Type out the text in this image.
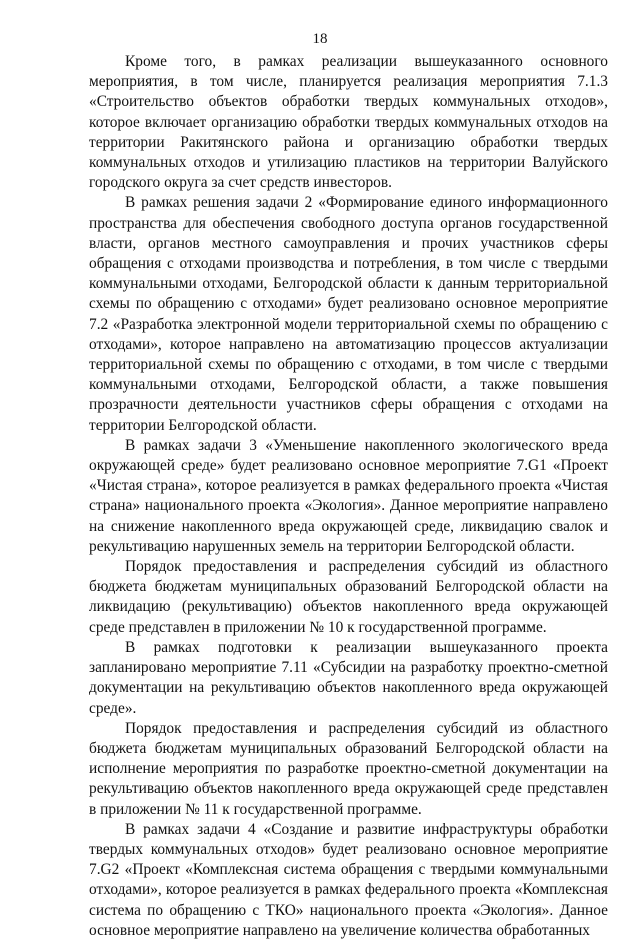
18

Кроме того, в рамках реализации вышеуказанного основного мероприятия, в том числе, планируется реализация мероприятия 7.1.3 «Строительство объектов обработки твердых коммунальных отходов», которое включает организацию обработки твердых коммунальных отходов на территории Ракитянского района и организацию обработки твердых коммунальных отходов и утилизацию пластиков на территории Валуйского городского округа за счет средств инвесторов.

В рамках решения задачи 2 «Формирование единого информационного пространства для обеспечения свободного доступа органов государственной власти, органов местного самоуправления и прочих участников сферы обращения с отходами производства и потребления, в том числе с твердыми коммунальными отходами, Белгородской области к данным территориальной схемы по обращению с отходами» будет реализовано основное мероприятие 7.2 «Разработка электронной модели территориальной схемы по обращению с отходами», которое направлено на автоматизацию процессов актуализации территориальной схемы по обращению с отходами, в том числе с твердыми коммунальными отходами, Белгородской области, а также повышения прозрачности деятельности участников сферы обращения с отходами на территории Белгородской области.

В рамках задачи 3 «Уменьшение накопленного экологического вреда окружающей среде» будет реализовано основное мероприятие 7.G1 «Проект «Чистая страна», которое реализуется в рамках федерального проекта «Чистая страна» национального проекта «Экология». Данное мероприятие направлено на снижение накопленного вреда окружающей среде, ликвидацию свалок и рекультивацию нарушенных земель на территории Белгородской области.

Порядок предоставления и распределения субсидий из областного бюджета бюджетам муниципальных образований Белгородской области на ликвидацию (рекультивацию) объектов накопленного вреда окружающей среде представлен в приложении № 10 к государственной программе.

В рамках подготовки к реализации вышеуказанного проекта запланировано мероприятие 7.11 «Субсидии на разработку проектно-сметной документации на рекультивацию объектов накопленного вреда окружающей среде».

Порядок предоставления и распределения субсидий из областного бюджета бюджетам муниципальных образований Белгородской области на исполнение мероприятия по разработке проектно-сметной документации на рекультивацию объектов накопленного вреда окружающей среде представлен в приложении № 11 к государственной программе.

В рамках задачи 4 «Создание и развитие инфраструктуры обработки твердых коммунальных отходов» будет реализовано основное мероприятие 7.G2 «Проект «Комплексная система обращения с твердыми коммунальными отходами», которое реализуется в рамках федерального проекта «Комплексная система по обращению с ТКО» национального проекта «Экология». Данное основное мероприятие направлено на увеличение количества обработанных
